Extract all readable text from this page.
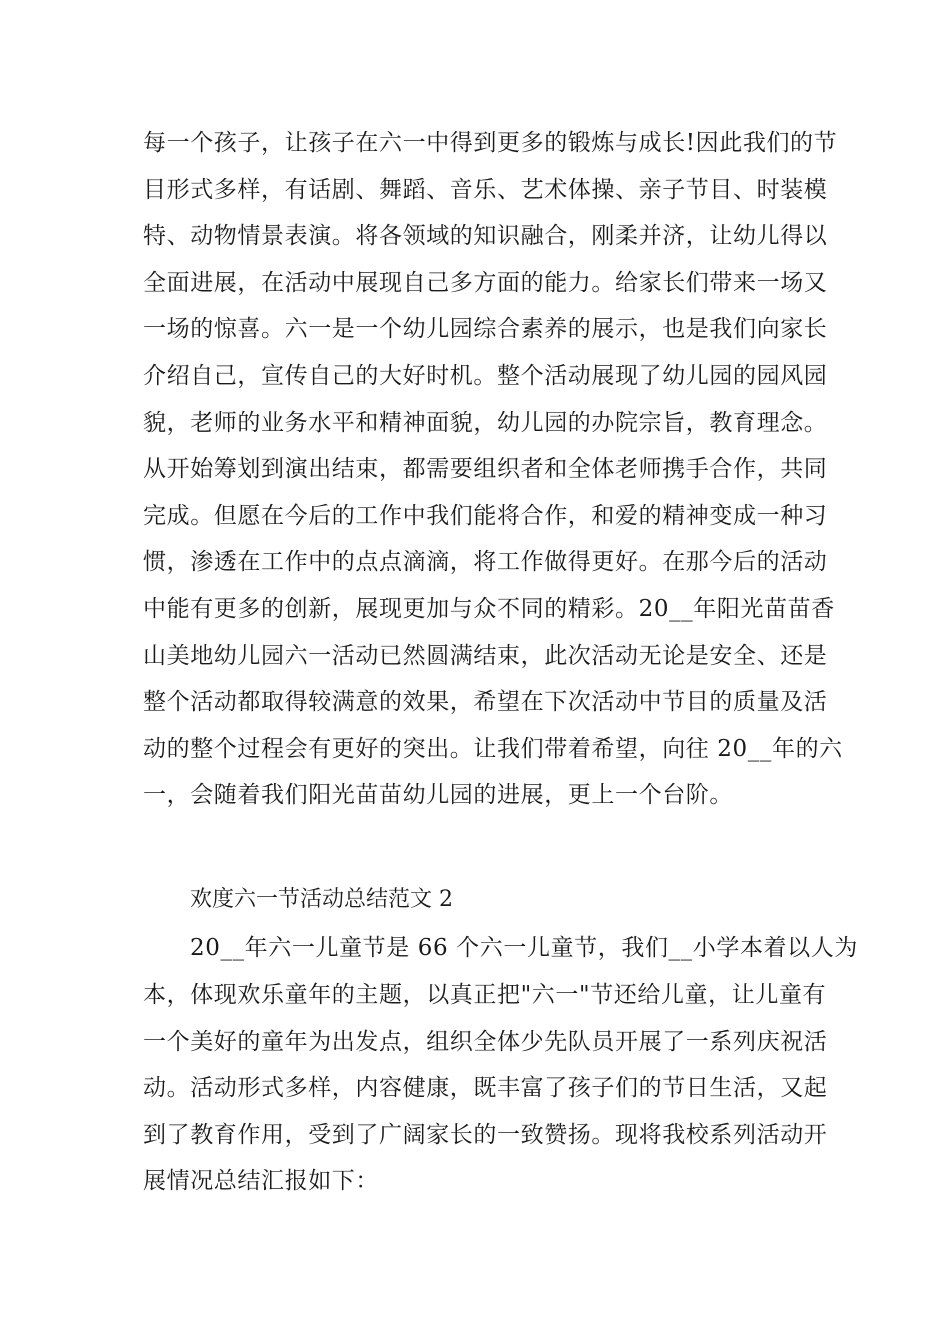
每一个孩子，让孩子在六一中得到更多的锻炼与成长!因此我们的节
目形式多样，有话剧、舞蹈、音乐、艺术体操、亲子节目、时装模
特、动物情景表演。将各领域的知识融合，刚柔并济，让幼儿得以
全面进展，在活动中展现自己多方面的能力。给家长们带来一场又
一场的惊喜。六一是一个幼儿园综合素养的展示，也是我们向家长
介绍自己，宣传自己的大好时机。整个活动展现了幼儿园的园风园
貌，老师的业务水平和精神面貌，幼儿园的办院宗旨，教育理念。
从开始筹划到演出结束，都需要组织者和全体老师携手合作，共同
完成。但愿在今后的工作中我们能将合作，和爱的精神变成一种习
惯，渗透在工作中的点点滴滴，将工作做得更好。在那今后的活动
中能有更多的创新，展现更加与众不同的精彩。20__年阳光苗苗香
山美地幼儿园六一活动已然圆满结束，此次活动无论是安全、还是
整个活动都取得较满意的效果，希望在下次活动中节目的质量及活
动的整个过程会有更好的突出。让我们带着希望，向往 20__年的六
一，会随着我们阳光苗苗幼儿园的进展，更上一个台阶。
欢度六一节活动总结范文 2
20__年六一儿童节是 66 个六一儿童节，我们__小学本着以人为
本，体现欢乐童年的主题，以真正把"六一"节还给儿童，让儿童有
一个美好的童年为出发点，组织全体少先队员开展了一系列庆祝活
动。活动形式多样，内容健康，既丰富了孩子们的节日生活，又起
到了教育作用，受到了广阔家长的一致赞扬。现将我校系列活动开
展情况总结汇报如下：
